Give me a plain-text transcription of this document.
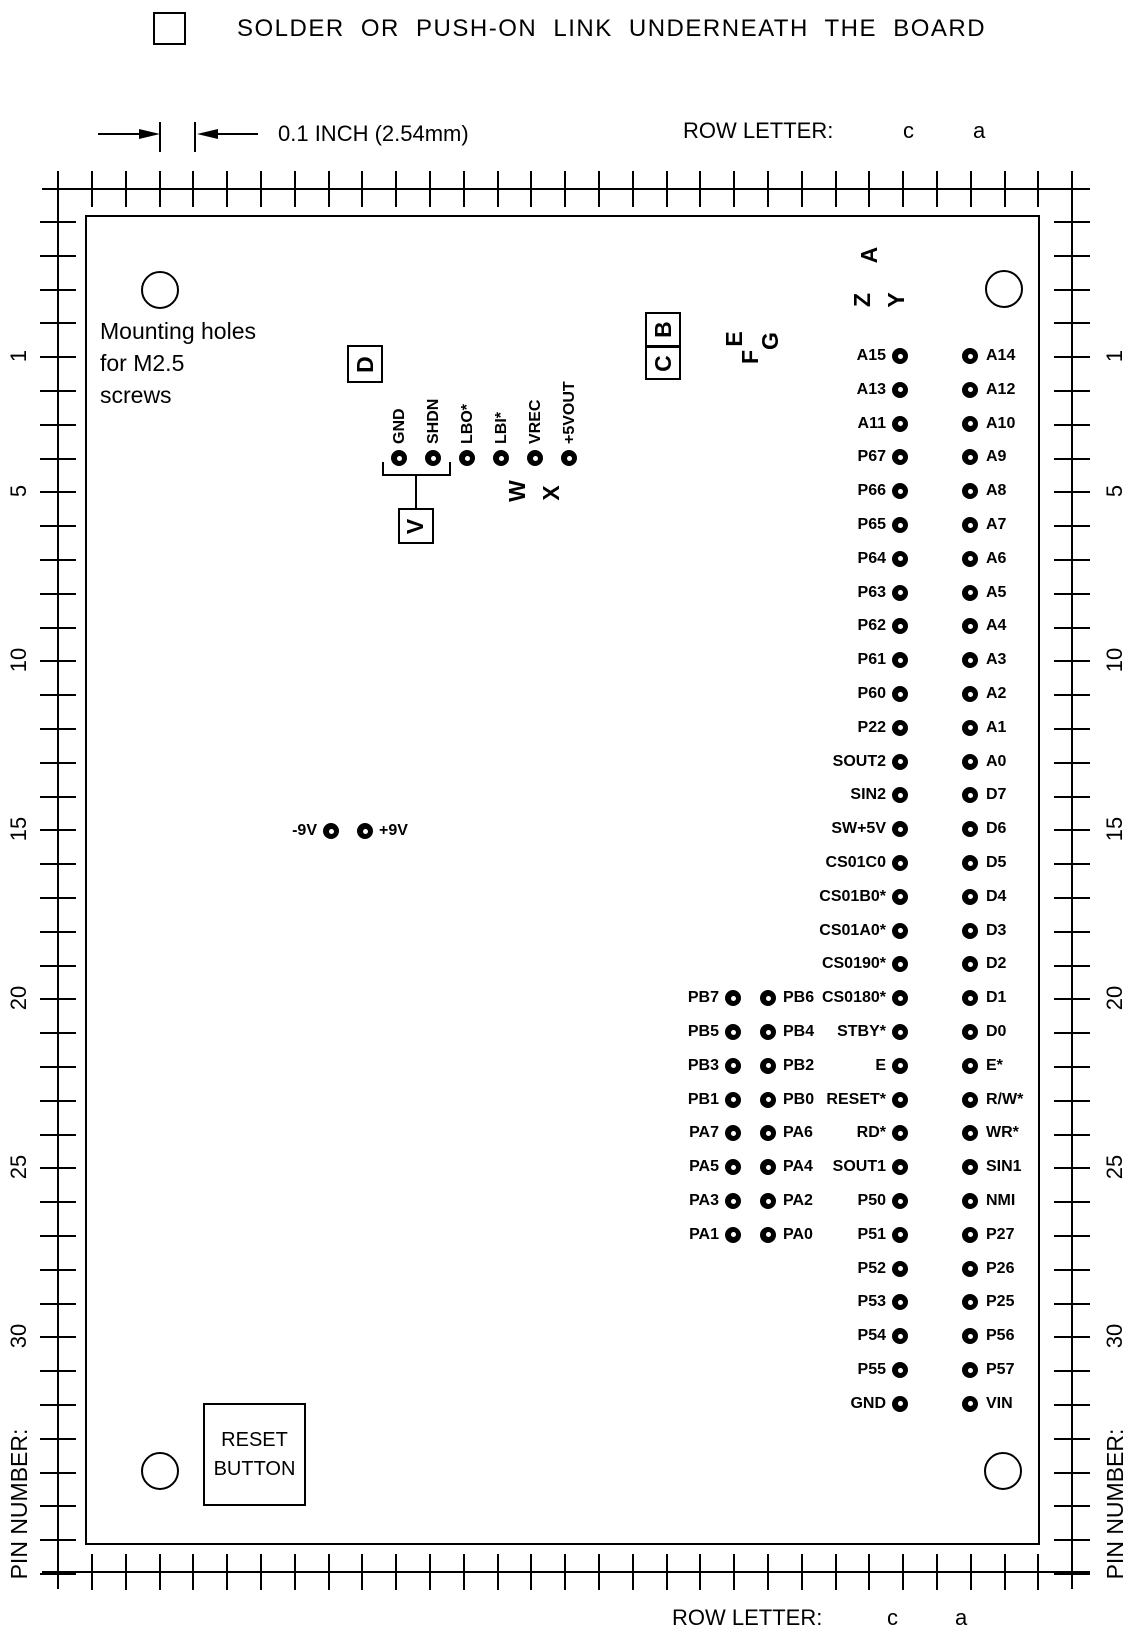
SOLDER OR PUSH-ON LINK UNDERNEATH THE BOARD
0.1 INCH (2.54mm)	ROW LETTER:	c	a
Mounting holes
for M2.5
screws
D
V
B
C
W X
E
F
G
Z Y
A
-9V	+9V
RESET
BUTTON
PIN NUMBER:	PIN NUMBER:
ROW LETTER:	c	a
1	1
5	5
10	10
15	15
20	20
25	25
30	30
GND SHDN LBO* LBI* VREC +5VOUT
A15	A14
A13	A12
A11	A10
P67	A9
P66	A8
P65	A7
P64	A6
P63	A5
P62	A4
P61	A3
P60	A2
P22	A1
SOUT2	A0
SIN2	D7
SW+5V	D6
CS01C0	D5
CS01B0*	D4
CS01A0*	D3
CS0190*	D2
CS0180*	D1
STBY*	D0
E	E*
RESET*	R/W*
RD*	WR*
SOUT1	SIN1
P50	NMI
P51	P27
P52	P26
P53	P25
P54	P56
P55	P57
GND	VIN
PB7	PB6
PB5	PB4
PB3	PB2
PB1	PB0
PA7	PA6
PA5	PA4
PA3	PA2
PA1	PA0
